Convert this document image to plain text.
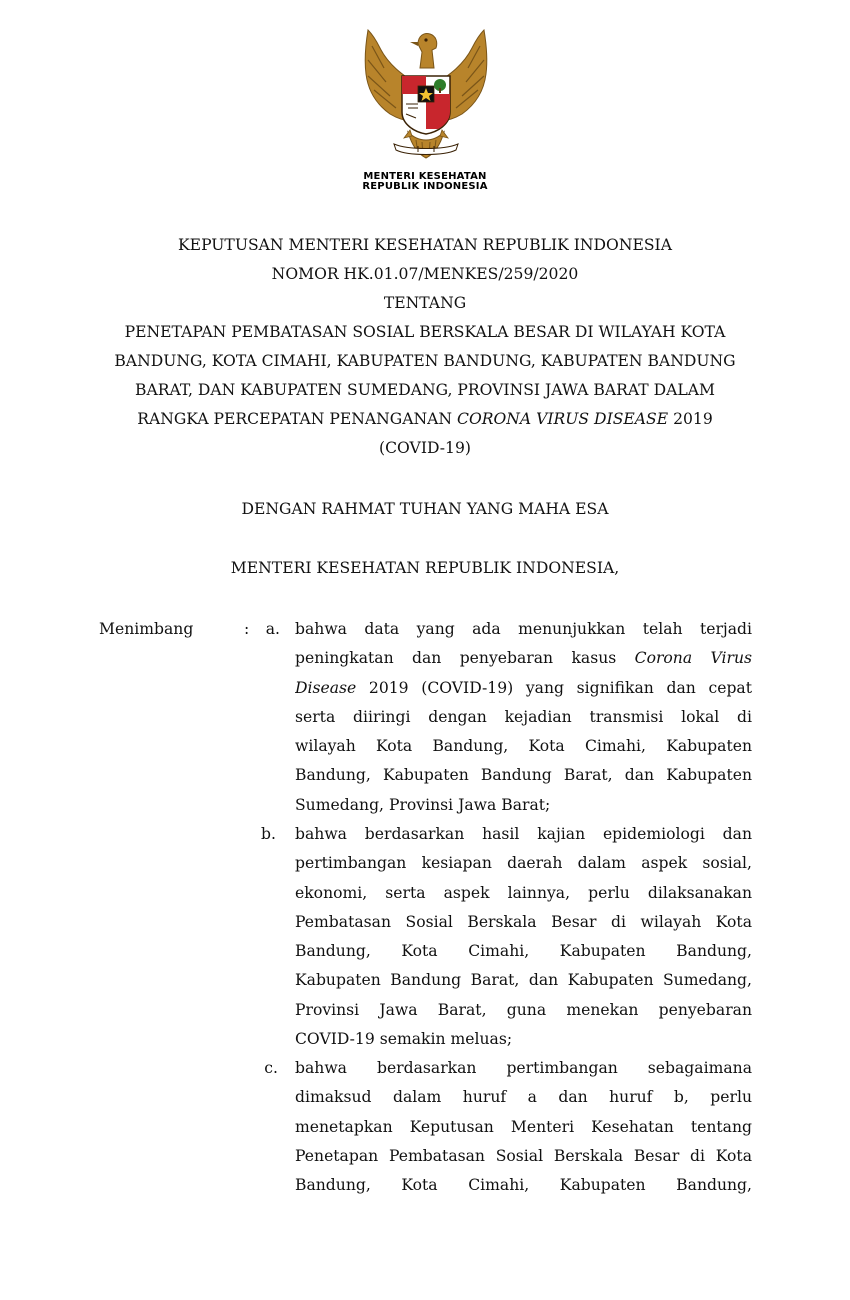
MENTERI KESEHATAN
REPUBLIK INDONESIA
KEPUTUSAN MENTERI KESEHATAN REPUBLIK INDONESIA
NOMOR HK.01.07/MENKES/259/2020
TENTANG
PENETAPAN PEMBATASAN SOSIAL BERSKALA BESAR DI WILAYAH KOTA
BANDUNG, KOTA CIMAHI, KABUPATEN BANDUNG, KABUPATEN BANDUNG
BARAT, DAN KABUPATEN SUMEDANG, PROVINSI JAWA BARAT DALAM
RANGKA PERCEPATAN PENANGANAN CORONA VIRUS DISEASE 2019
(COVID-19)
DENGAN RAHMAT TUHAN YANG MAHA ESA
MENTERI KESEHATAN REPUBLIK INDONESIA,
Menimbang	:	a. bahwa data yang ada menunjukkan telah terjadi
peningkatan dan penyebaran kasus Corona Virus
Disease 2019 (COVID-19) yang signifikan dan cepat
serta diiringi dengan kejadian transmisi lokal di
wilayah Kota Bandung, Kota Cimahi, Kabupaten
Bandung, Kabupaten Bandung Barat, dan Kabupaten
Sumedang, Provinsi Jawa Barat;
b. bahwa berdasarkan hasil kajian epidemiologi dan
pertimbangan kesiapan daerah dalam aspek sosial,
ekonomi, serta aspek lainnya, perlu dilaksanakan
Pembatasan Sosial Berskala Besar di wilayah Kota
Bandung, Kota Cimahi, Kabupaten Bandung,
Kabupaten Bandung Barat, dan Kabupaten Sumedang,
Provinsi Jawa Barat, guna menekan penyebaran
COVID-19 semakin meluas;
c. bahwa berdasarkan pertimbangan sebagaimana
dimaksud dalam huruf a dan huruf b, perlu
menetapkan Keputusan Menteri Kesehatan tentang
Penetapan Pembatasan Sosial Berskala Besar di Kota
Bandung, Kota Cimahi, Kabupaten Bandung,
